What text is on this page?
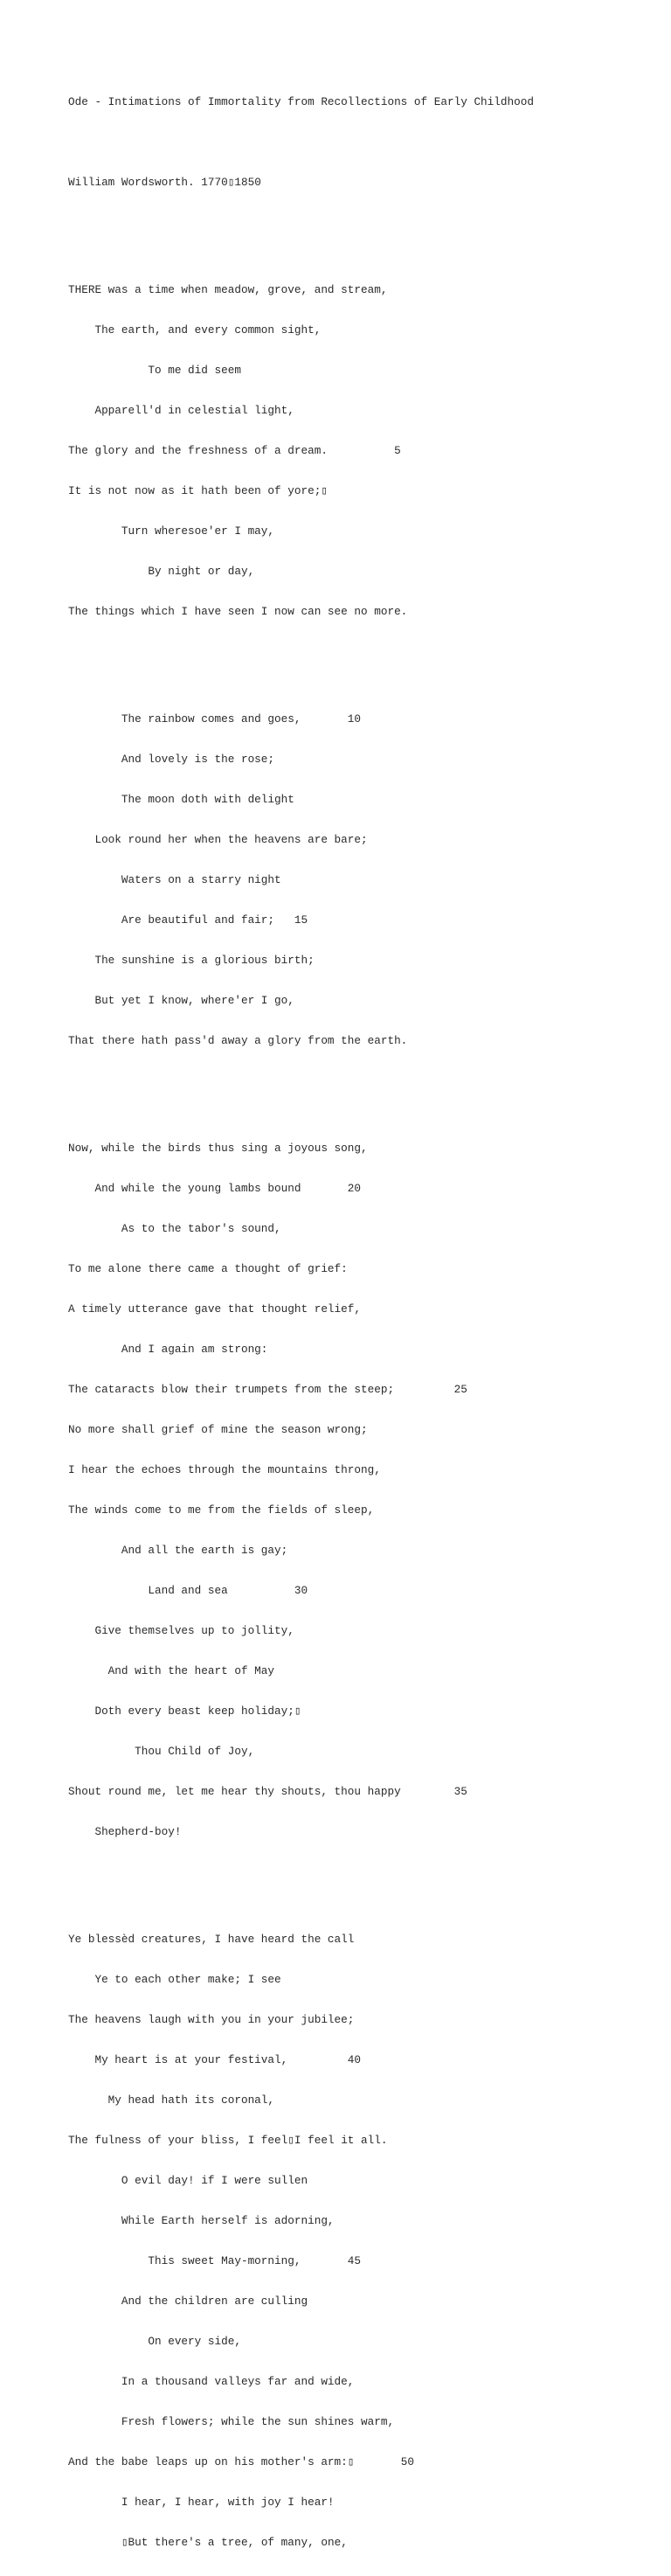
Ode - Intimations of Immortality from Recollections of Early Childhood

William Wordsworth. 1770▯1850

THERE was a time when meadow, grove, and stream,

The earth, and every common sight,

To me did seem

Apparell'd in celestial light,

The glory and the freshness of a dream.          5

It is not now as it hath been of yore;▯

Turn wheresoe'er I may,

By night or day,

The things which I have seen I now can see no more.

The rainbow comes and goes,       10

And lovely is the rose;

The moon doth with delight

Look round her when the heavens are bare;

Waters on a starry night

Are beautiful and fair;   15

The sunshine is a glorious birth;

But yet I know, where'er I go,

That there hath pass'd away a glory from the earth.

Now, while the birds thus sing a joyous song,

And while the young lambs bound       20

As to the tabor's sound,

To me alone there came a thought of grief:

A timely utterance gave that thought relief,

And I again am strong:

The cataracts blow their trumpets from the steep;         25

No more shall grief of mine the season wrong;

I hear the echoes through the mountains throng,

The winds come to me from the fields of sleep,

And all the earth is gay;

Land and sea          30

Give themselves up to jollity,

And with the heart of May

Doth every beast keep holiday;▯

Thou Child of Joy,

Shout round me, let me hear thy shouts, thou happy        35

Shepherd-boy!

Ye blessèd creatures, I have heard the call

Ye to each other make; I see

The heavens laugh with you in your jubilee;

My heart is at your festival,         40

My head hath its coronal,

The fulness of your bliss, I feel▯I feel it all.

O evil day! if I were sullen

While Earth herself is adorning,

This sweet May-morning,       45

And the children are culling

On every side,

In a thousand valleys far and wide,

Fresh flowers; while the sun shines warm,

And the babe leaps up on his mother's arm:▯       50

I hear, I hear, with joy I hear!

▯But there's a tree, of many, one,
